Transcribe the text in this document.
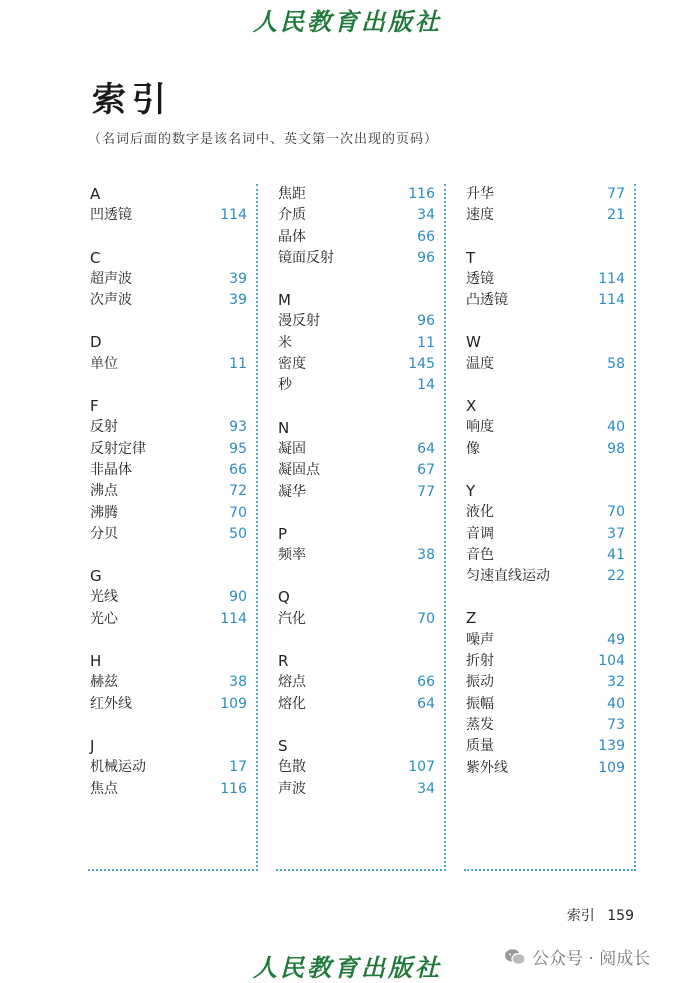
人民教育出版社
索引
（名词后面的数字是该名词中、英文第一次出现的页码）
A
凹透镜	114
C
超声波	39
次声波	39
D
单位	11
F
反射	93
反射定律	95
非晶体	66
沸点	72
沸腾	70
分贝	50
G
光线	90
光心	114
H
赫兹	38
红外线	109
J
机械运动	17
焦点	116
焦距	116
介质	34
晶体	66
镜面反射	96
M
漫反射	96
米	11
密度	145
秒	14
N
凝固	64
凝固点	67
凝华	77
P
频率	38
Q
汽化	70
R
熔点	66
熔化	64
S
色散	107
声波	34
升华	77
速度	21
T
透镜	114
凸透镜	114
W
温度	58
X
响度	40
像	98
Y
液化	70
音调	37
音色	41
匀速直线运动	22
Z
噪声	49
折射	104
振动	32
振幅	40
蒸发	73
质量	139
紫外线	109
索引 159
人民教育出版社	公众号 · 阅成长
